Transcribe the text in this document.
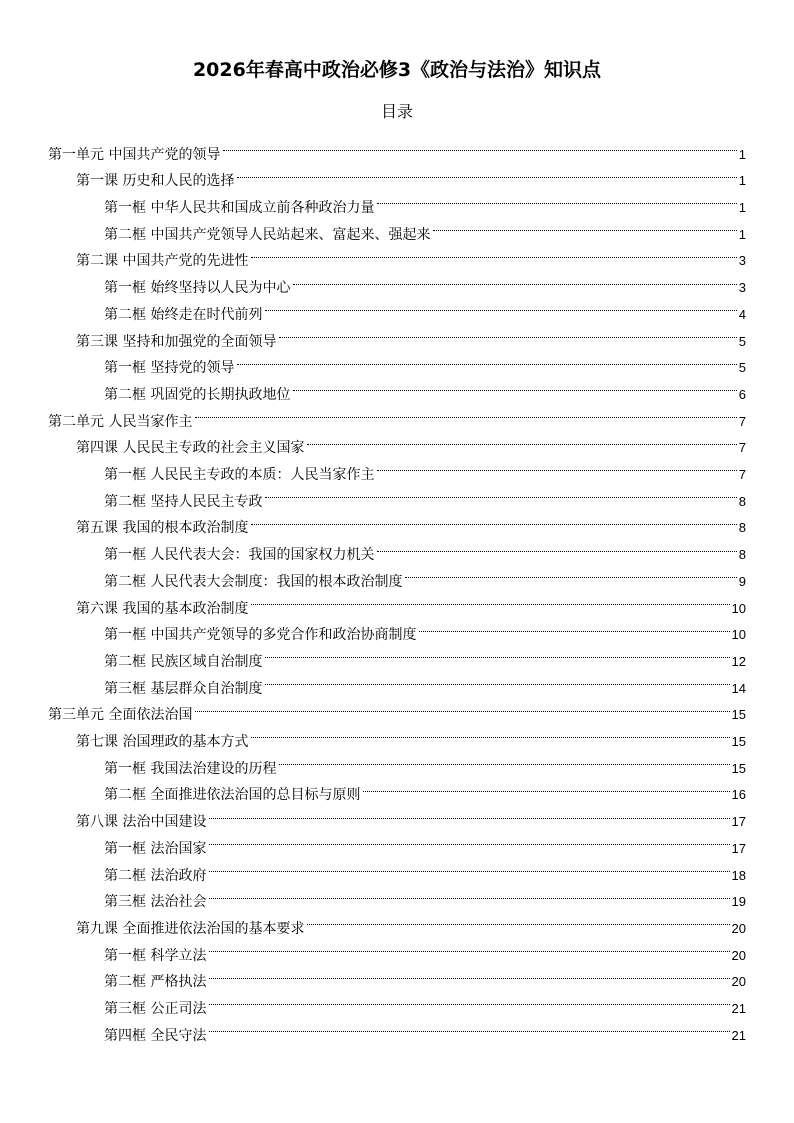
2026年春高中政治必修3《政治与法治》知识点
目录
第一单元 中国共产党的领导	1
第一课 历史和人民的选择	1
第一框 中华人民共和国成立前各种政治力量	1
第二框 中国共产党领导人民站起来、富起来、强起来	1
第二课 中国共产党的先进性	3
第一框 始终坚持以人民为中心	3
第二框 始终走在时代前列	4
第三课 坚持和加强党的全面领导	5
第一框 坚持党的领导	5
第二框 巩固党的长期执政地位	6
第二单元 人民当家作主	7
第四课 人民民主专政的社会主义国家	7
第一框 人民民主专政的本质：人民当家作主	7
第二框 坚持人民民主专政	8
第五课 我国的根本政治制度	8
第一框 人民代表大会：我国的国家权力机关	8
第二框 人民代表大会制度：我国的根本政治制度	9
第六课 我国的基本政治制度	10
第一框 中国共产党领导的多党合作和政治协商制度	10
第二框 民族区域自治制度	12
第三框 基层群众自治制度	14
第三单元 全面依法治国	15
第七课 治国理政的基本方式	15
第一框 我国法治建设的历程	15
第二框 全面推进依法治国的总目标与原则	16
第八课 法治中国建设	17
第一框 法治国家	17
第二框 法治政府	18
第三框 法治社会	19
第九课 全面推进依法治国的基本要求	20
第一框 科学立法	20
第二框 严格执法	20
第三框 公正司法	21
第四框 全民守法	21
